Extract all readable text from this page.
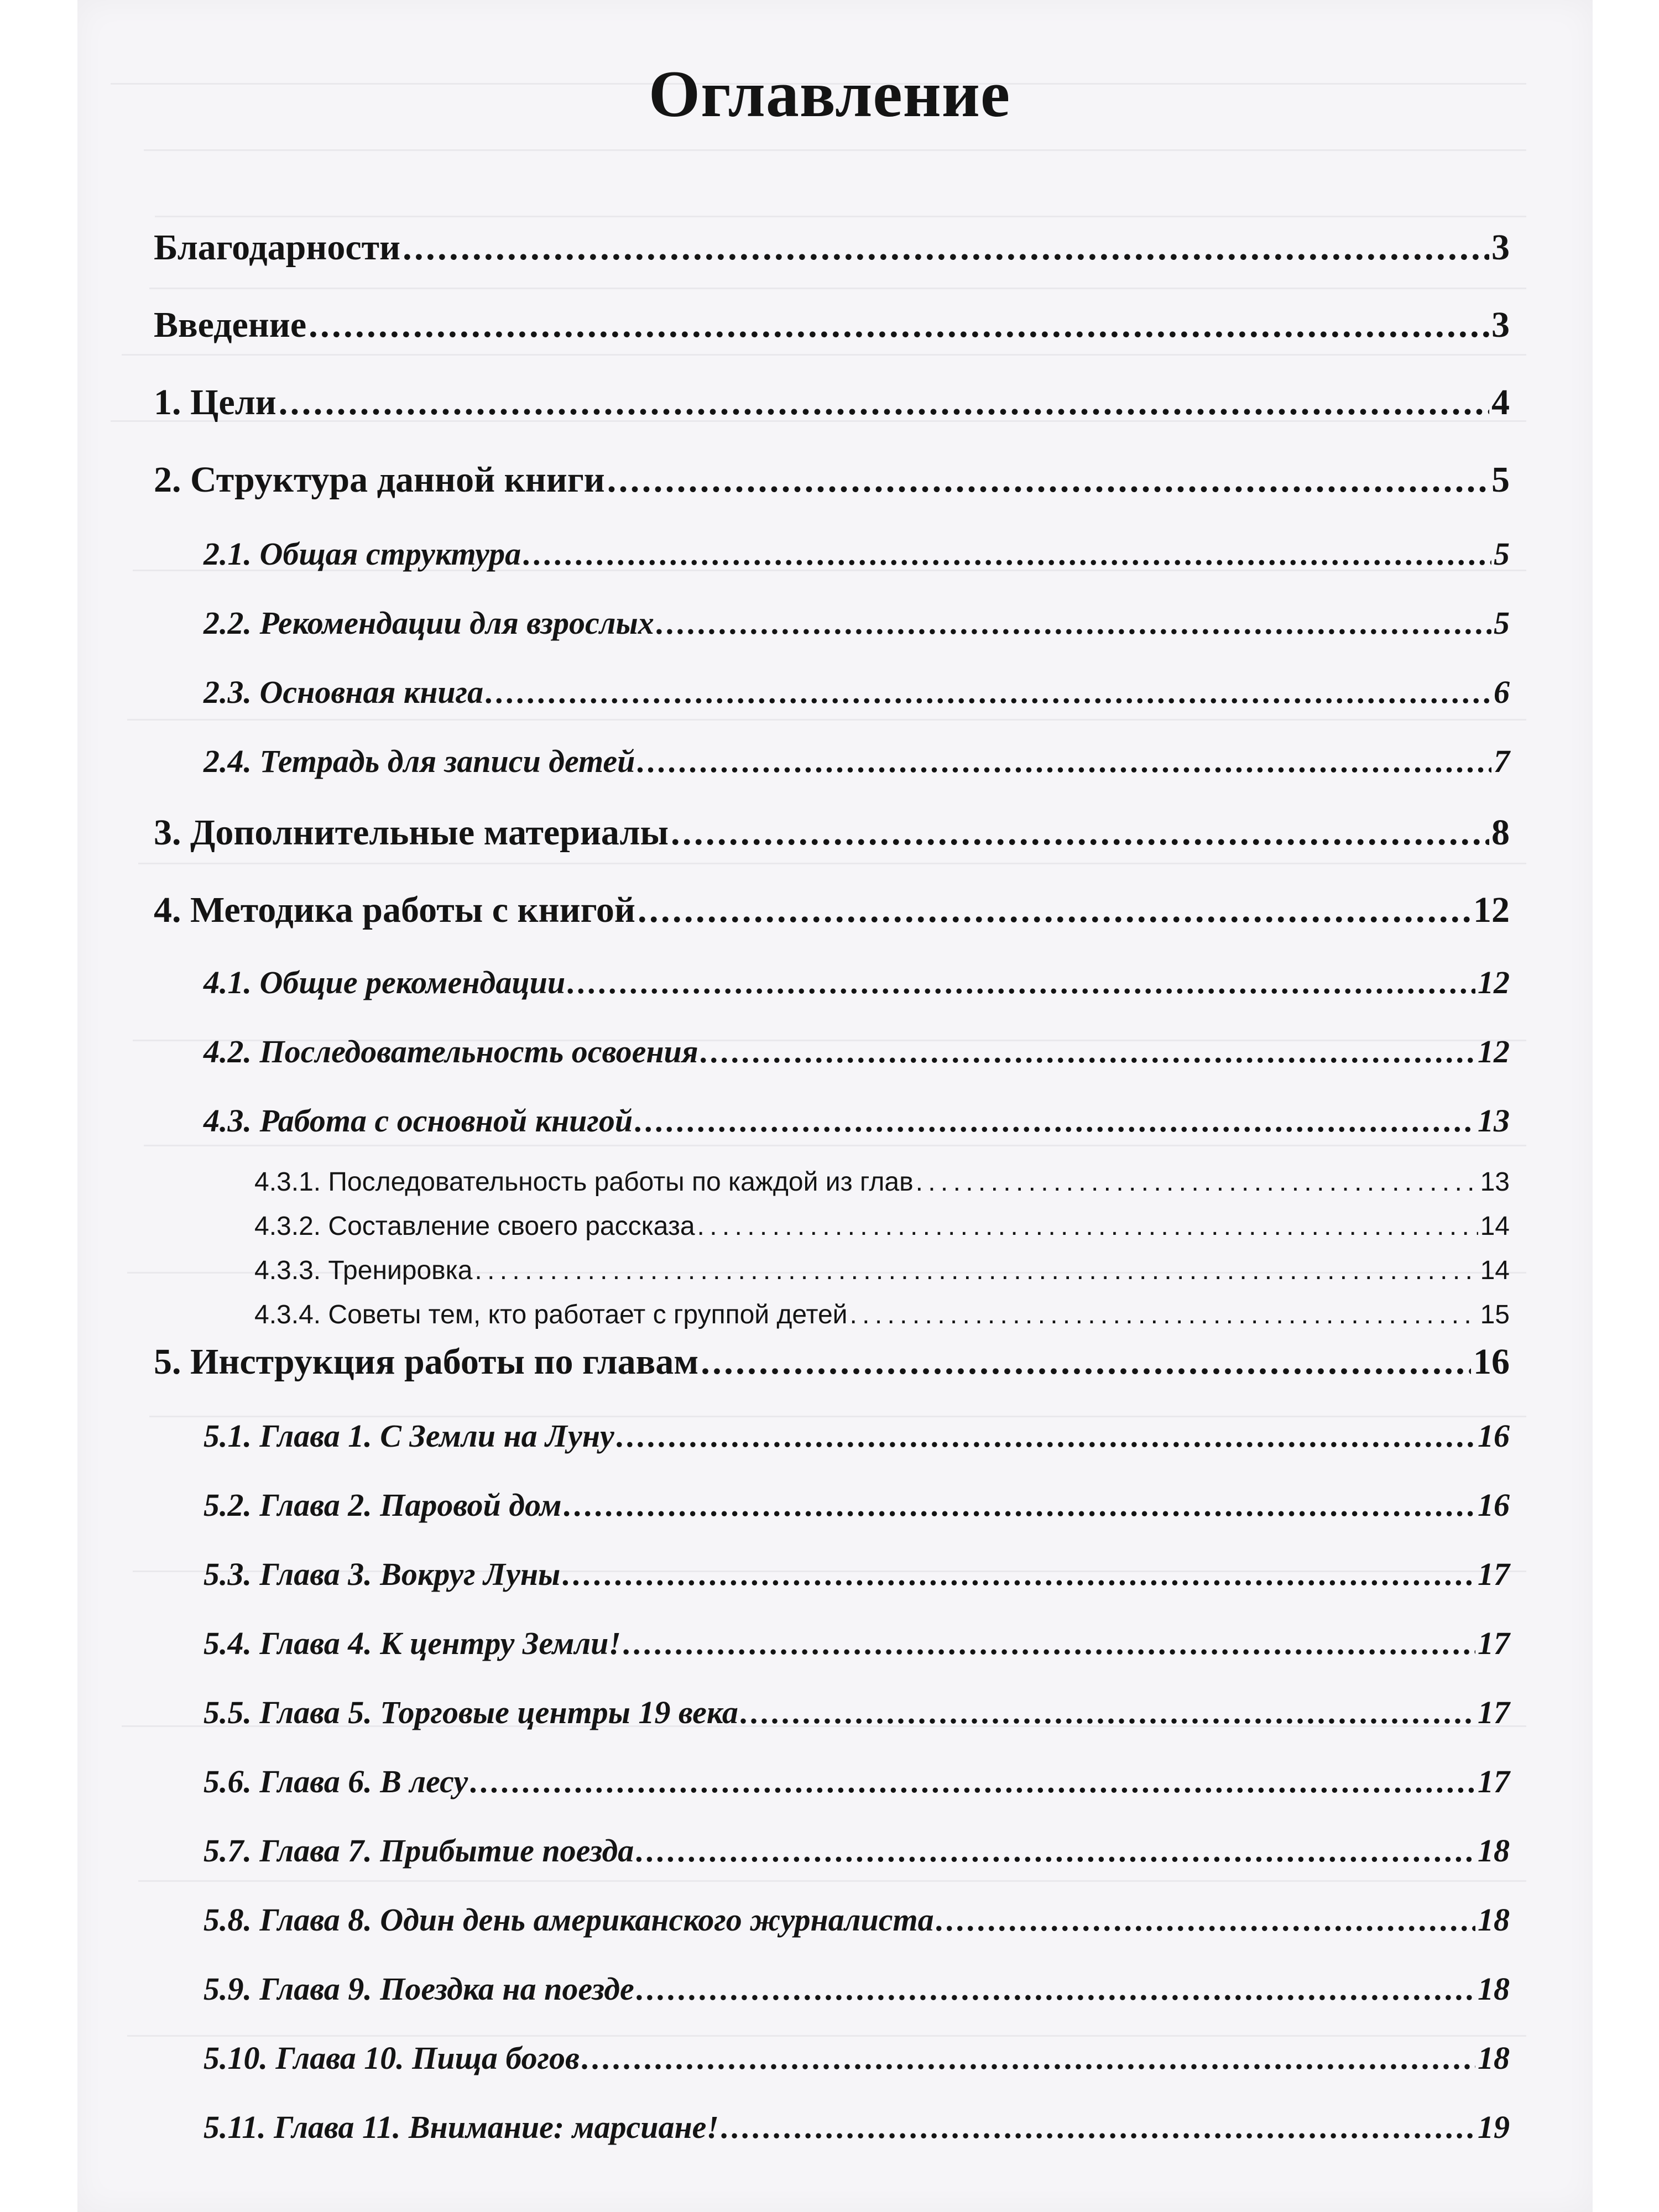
Оглавление
Благодарности . . .	3
Введение . . .	3
1. Цели . . .	4
2. Структура данной книги . . .	5
2.1. Общая структура . . .	5
2.2. Рекомендации для взрослых . . .	5
2.3. Основная книга . . .	6
2.4. Тетрадь для записи детей . . .	7
3. Дополнительные материалы . . .	8
4. Методика работы с книгой . . .	12
4.1. Общие рекомендации . . .	12
4.2. Последовательность освоения . . .	12
4.3. Работа с основной книгой . . .	13
4.3.1. Последовательность работы по каждой из глав . . .	13
4.3.2. Составление своего рассказа . . .	14
4.3.3. Тренировка . . .	14
4.3.4. Советы тем, кто работает с группой детей . . .	15
5. Инструкция работы по главам . . .	16
5.1. Глава 1. С Земли на Луну . . .	16
5.2. Глава 2. Паровой дом . . .	16
5.3. Глава 3. Вокруг Луны . . .	17
5.4. Глава 4. К центру Земли! . . .	17
5.5. Глава 5. Торговые центры 19 века . . .	17
5.6. Глава 6. В лесу . . .	17
5.7. Глава 7. Прибытие поезда . . .	18
5.8. Глава 8. Один день американского журналиста . . .	18
5.9. Глава 9. Поездка на поезде . . .	18
5.10. Глава 10. Пища богов . . .	18
5.11. Глава 11. Внимание: марсиане! . . .	19
